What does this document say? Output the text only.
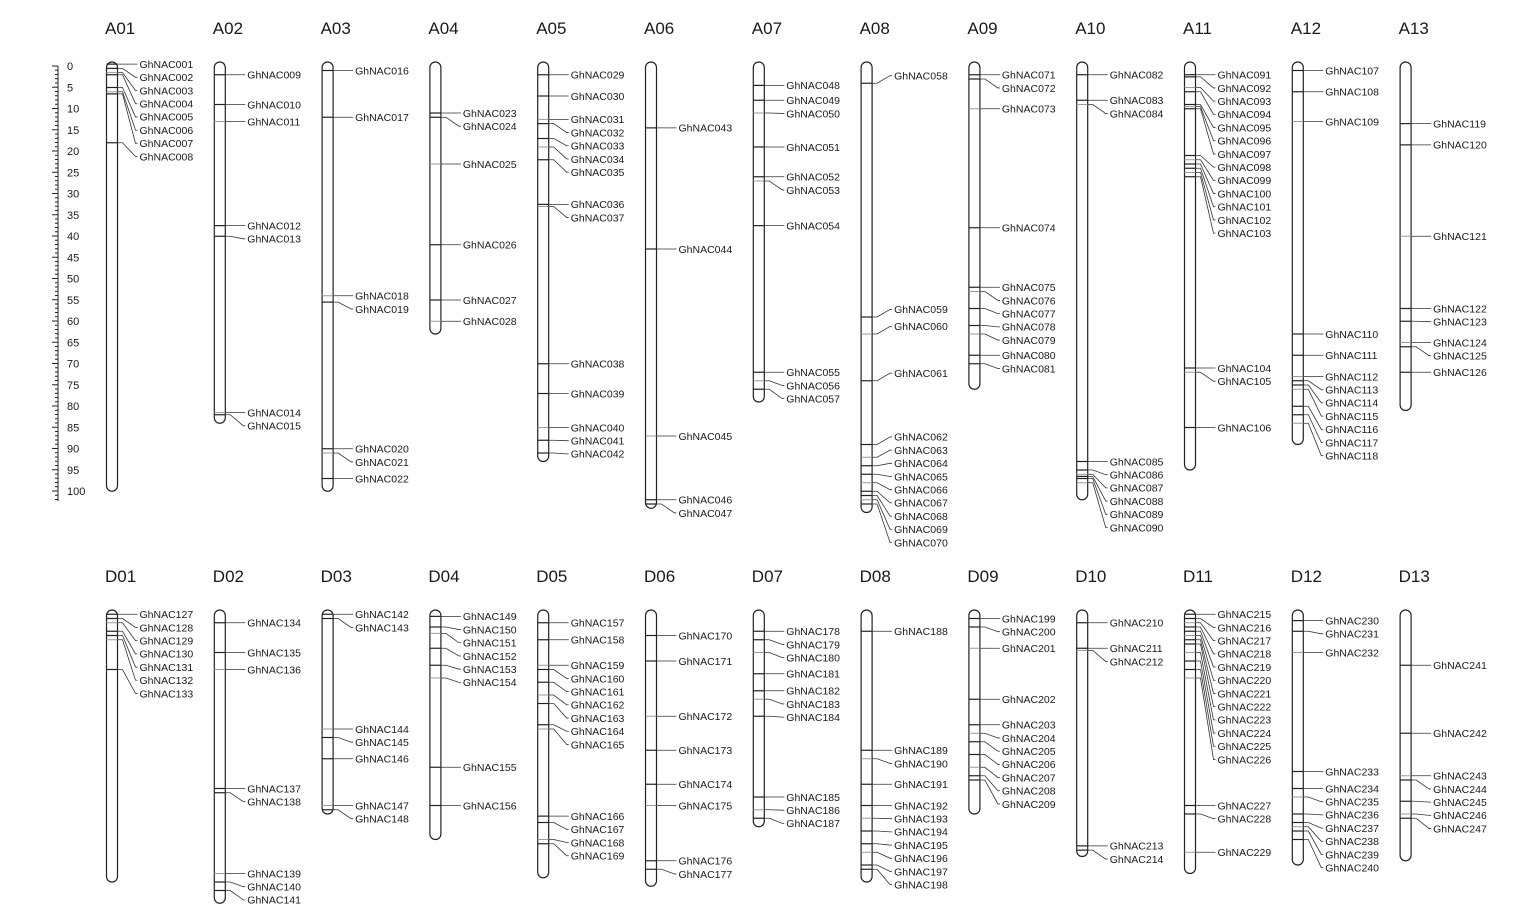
0
5
10
15
20
25
30
35
40
45
50
55
60
65
70
75
80
85
90
95
100
A01
GhNAC001
GhNAC002
GhNAC003
GhNAC004
GhNAC005
GhNAC006
GhNAC007
GhNAC008
A02
GhNAC009
GhNAC010
GhNAC011
GhNAC012
GhNAC013
GhNAC014
GhNAC015
A03
GhNAC016
GhNAC017
GhNAC018
GhNAC019
GhNAC020
GhNAC021
GhNAC022
A04
GhNAC023
GhNAC024
GhNAC025
GhNAC026
GhNAC027
GhNAC028
A05
GhNAC029
GhNAC030
GhNAC031
GhNAC032
GhNAC033
GhNAC034
GhNAC035
GhNAC036
GhNAC037
GhNAC038
GhNAC039
GhNAC040
GhNAC041
GhNAC042
A06
GhNAC043
GhNAC044
GhNAC045
GhNAC046
GhNAC047
A07
GhNAC048
GhNAC049
GhNAC050
GhNAC051
GhNAC052
GhNAC053
GhNAC054
GhNAC055
GhNAC056
GhNAC057
A08
GhNAC058
GhNAC059
GhNAC060
GhNAC061
GhNAC062
GhNAC063
GhNAC064
GhNAC065
GhNAC066
GhNAC067
GhNAC068
GhNAC069
GhNAC070
A09
GhNAC071
GhNAC072
GhNAC073
GhNAC074
GhNAC075
GhNAC076
GhNAC077
GhNAC078
GhNAC079
GhNAC080
GhNAC081
A10
GhNAC082
GhNAC083
GhNAC084
GhNAC085
GhNAC086
GhNAC087
GhNAC088
GhNAC089
GhNAC090
A11
GhNAC091
GhNAC092
GhNAC093
GhNAC094
GhNAC095
GhNAC096
GhNAC097
GhNAC098
GhNAC099
GhNAC100
GhNAC101
GhNAC102
GhNAC103
GhNAC104
GhNAC105
GhNAC106
A12
GhNAC107
GhNAC108
GhNAC109
GhNAC110
GhNAC111
GhNAC112
GhNAC113
GhNAC114
GhNAC115
GhNAC116
GhNAC117
GhNAC118
A13
GhNAC119
GhNAC120
GhNAC121
GhNAC122
GhNAC123
GhNAC124
GhNAC125
GhNAC126
D01
GhNAC127
GhNAC128
GhNAC129
GhNAC130
GhNAC131
GhNAC132
GhNAC133
D02
GhNAC134
GhNAC135
GhNAC136
GhNAC137
GhNAC138
GhNAC139
GhNAC140
GhNAC141
D03
GhNAC142
GhNAC143
GhNAC144
GhNAC145
GhNAC146
GhNAC147
GhNAC148
D04
GhNAC149
GhNAC150
GhNAC151
GhNAC152
GhNAC153
GhNAC154
GhNAC155
GhNAC156
D05
GhNAC157
GhNAC158
GhNAC159
GhNAC160
GhNAC161
GhNAC162
GhNAC163
GhNAC164
GhNAC165
GhNAC166
GhNAC167
GhNAC168
GhNAC169
D06
GhNAC170
GhNAC171
GhNAC172
GhNAC173
GhNAC174
GhNAC175
GhNAC176
GhNAC177
D07
GhNAC178
GhNAC179
GhNAC180
GhNAC181
GhNAC182
GhNAC183
GhNAC184
GhNAC185
GhNAC186
GhNAC187
D08
GhNAC188
GhNAC189
GhNAC190
GhNAC191
GhNAC192
GhNAC193
GhNAC194
GhNAC195
GhNAC196
GhNAC197
GhNAC198
D09
GhNAC199
GhNAC200
GhNAC201
GhNAC202
GhNAC203
GhNAC204
GhNAC205
GhNAC206
GhNAC207
GhNAC208
GhNAC209
D10
GhNAC210
GhNAC211
GhNAC212
GhNAC213
GhNAC214
D11
GhNAC215
GhNAC216
GhNAC217
GhNAC218
GhNAC219
GhNAC220
GhNAC221
GhNAC222
GhNAC223
GhNAC224
GhNAC225
GhNAC226
GhNAC227
GhNAC228
GhNAC229
D12
GhNAC230
GhNAC231
GhNAC232
GhNAC233
GhNAC234
GhNAC235
GhNAC236
GhNAC237
GhNAC238
GhNAC239
GhNAC240
D13
GhNAC241
GhNAC242
GhNAC243
GhNAC244
GhNAC245
GhNAC246
GhNAC247
